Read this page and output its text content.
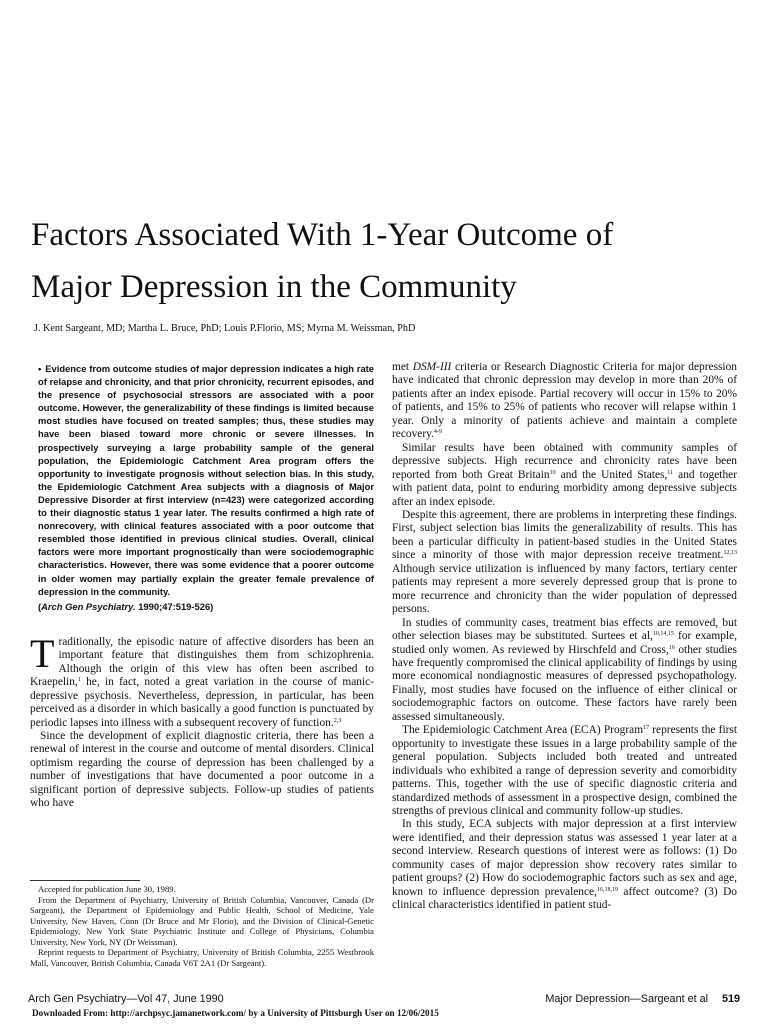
Factors Associated With 1-Year Outcome of
Major Depression in the Community
J. Kent Sargeant, MD; Martha L. Bruce, PhD; Louis P.Florio, MS; Myrna M. Weissman, PhD
• Evidence from outcome studies of major depression indicates a high rate of relapse and chronicity, and that prior chronicity, recurrent episodes, and the presence of psychosocial stressors are associated with a poor outcome. However, the generalizability of these findings is limited because most studies have focused on treated samples; thus, these studies may have been biased toward more chronic or severe illnesses. In prospectively surveying a large probability sample of the general population, the Epidemiologic Catchment Area program offers the opportunity to investigate prognosis without selection bias. In this study, the Epidemiologic Catchment Area subjects with a diagnosis of Major Depressive Disorder at first interview (n=423) were categorized according to their diagnostic status 1 year later. The results confirmed a high rate of nonrecovery, with clinical features associated with a poor outcome that resembled those identified in previous clinical studies. Overall, clinical factors were more important prognostically than were sociodemographic characteristics. However, there was some evidence that a poorer outcome in older women may partially explain the greater female prevalence of depression in the community.
(Arch Gen Psychiatry. 1990;47:519-526)

Traditionally, the episodic nature of affective disorders has been an important feature that distinguishes them from schizophrenia. Although the origin of this view has often been ascribed to Kraepelin,$^1$ he, in fact, noted a great variation in the course of manic-depressive psychosis. Nevertheless, depression, in particular, has been perceived as a disorder in which basically a good function is punctuated by periodic lapses into illness with a subsequent recovery of function.$^{2,3}$

Since the development of explicit diagnostic criteria, there has been a renewal of interest in the course and outcome of mental disorders. Clinical optimism regarding the course of depression has been challenged by a number of investigations that have documented a poor outcome in a significant portion of depressive subjects. Follow-up studies of patients who have

met DSM-III criteria or Research Diagnostic Criteria for major depression have indicated that chronic depression may develop in more than 20% of patients after an index episode. Partial recovery will occur in 15% to 20% of patients, and 15% to 25% of patients who recover will relapse within 1 year. Only a minority of patients achieve and maintain a complete recovery.$^{4-9}$

Similar results have been obtained with community samples of depressive subjects. High recurrence and chronicity rates have been reported from both Great Britain$^{10}$ and the United States,$^{11}$ and together with patient data, point to enduring morbidity among depressive subjects after an index episode.

Despite this agreement, there are problems in interpreting these findings. First, subject selection bias limits the generalizability of results. This has been a particular difficulty in patient-based studies in the United States since a minority of those with major depression receive treatment.$^{12,13}$ Although service utilization is influenced by many factors, tertiary center patients may represent a more severely depressed group that is prone to more recurrence and chronicity than the wider population of depressed persons.

In studies of community cases, treatment bias effects are removed, but other selection biases may be substituted. Surtees et al,$^{10,14,15}$ for example, studied only women. As reviewed by Hirschfeld and Cross,$^{16}$ other studies have frequently compromised the clinical applicability of findings by using more economical nondiagnostic measures of depressed psychopathology. Finally, most studies have focused on the influence of either clinical or sociodemographic factors on outcome. These factors have rarely been assessed simultaneously.

The Epidemiologic Catchment Area (ECA) Program$^{17}$ represents the first opportunity to investigate these issues in a large probability sample of the general population. Subjects included both treated and untreated individuals who exhibited a range of depression severity and comorbidity patterns. This, together with the use of specific diagnostic criteria and standardized methods of assessment in a prospective design, combined the strengths of previous clinical and community follow-up studies.

In this study, ECA subjects with major depression at a first interview were identified, and their depression status was assessed 1 year later at a second interview. Research questions of interest were as follows: (1) Do community cases of major depression show recovery rates similar to patient groups? (2) How do sociodemographic factors such as sex and age, known to influence depression prevalence,$^{16,18,19}$ affect outcome? (3) Do clinical characteristics identified in patient stud-

Accepted for publication June 30, 1989.

From the Department of Psychiatry, University of British Columbia, Vancouver, Canada (Dr Sargeant), the Department of Epidemiology and Public Health, School of Medicine, Yale University, New Haven, Conn (Dr Bruce and Mr Florio), and the Division of Clinical-Genetic Epidemiology, New York State Psychiatric Institute and College of Physicians, Columbia University, New York, NY (Dr Weissman).

Reprint requests to Department of Psychiatry, University of British Columbia, 2255 Westbrook Mall, Vancouver, British Columbia, Canada V6T 2A1 (Dr Sargeant).

Arch Gen Psychiatry—Vol 47, June 1990	Major Depression—Sargeant et al 519
Downloaded From: http://archpsyc.jamanetwork.com/ by a University of Pittsburgh User on 12/06/2015
